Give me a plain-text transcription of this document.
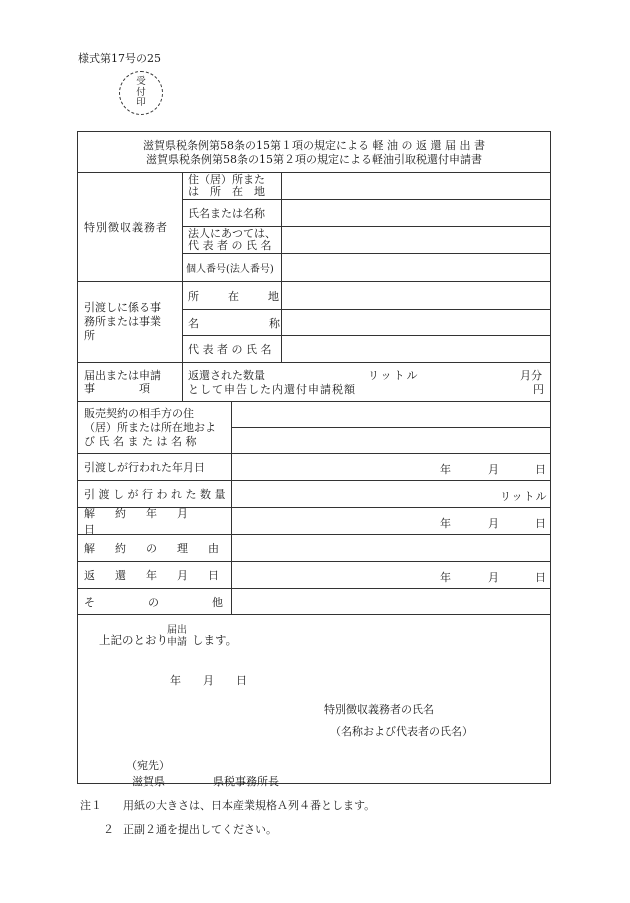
様式第17号の25
受
付
印
滋賀県税条例第58条の15第１項の規定による 軽 油 の 返 還 届 出 書
滋賀県税条例第58条の15第２項の規定による軽油引取税還付申請書
特別徴収義務者
住（居）所また
は　所　在　地
氏名または名称
法人にあつては、
代 表 者 の 氏 名
個人番号(法人番号)
引渡しに係る事
務所または事業
所
所　在　地
名　　称
代 表 者 の 氏 名
届出または申請
事　　　　項
返還された数量	リットル	月分
として申告した内還付申請税額	円
販売契約の相手方の住
（居）所または所在地およ
び 氏 名 ま た は 名 称
引渡しが行われた年月日	年	月	日
引 渡 し が 行 わ れ た 数 量	リットル
解約年月日	年	月	日
解約の理由
返還年月日	年	月	日
その他
上記のとおり
届出
申請 します。
年　　月　　日
特別徴収義務者の氏名
（名称および代表者の氏名）
（宛先）
滋賀県	県税事務所長
注１ 用紙の大きさは、日本産業規格Ａ列４番とします。
２ 正副２通を提出してください。
